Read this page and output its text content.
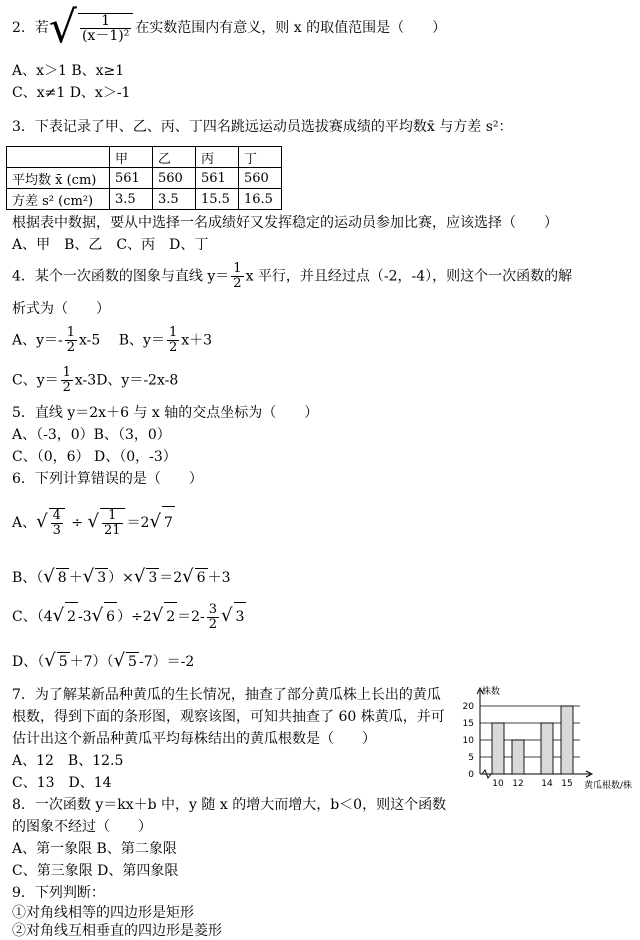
2．若√ $\frac{1}{\text{(x－1)²}}$ 在实数范围内有意义，则 x 的取值范围是（　　）
A、x＞1 B、x≥1
C、x≠1 D、x＞-1
3．下表记录了甲、乙、丙、丁四名跳远运动员选拔赛成绩的平均数x̄ 与方差 s²：
	甲	乙	丙	丁
平均数 x̄ (cm)	561	560	561	560
方差 s² (cm²)	3.5	3.5	15.5	16.5
根据表中数据，要从中选择一名成绩好又发挥稳定的运动员参加比赛，应该选择（　　）
A、甲　B、乙　C、丙　D、丁
4．某个一次函数的图象与直线 $y= \frac{1}{2}$ x 平行，并且经过点（-2，-4），则这个一次函数的解
析式为（　　）
A、$y=- \frac{1}{2} x-5$　 B、$y= \frac{1}{2} x+3$
C、$y= \frac{1}{2} x-3D$、y＝-2x-8
5．直线 y＝2x＋6 与 x 轴的交点坐标为（　　）
A、（-3，0）B、（3，0）
C、（0，6） D、（0，-3）
6．下列计算错误的是（　　）
A、√ $\frac{4}{3}$ ÷ √ $\frac{1}{21} =2√$ 7
B、（√ 8 ＋√ 3 ）×√ 3 ＝2√ 6 ＋3
C、（4√ 2 -3√ 6 ）÷2√ $2 =2- \frac{3}{2}$ √ 3
D、（√ 5 ＋7）（√ 5 -7）＝-2
7．为了解某新品种黄瓜的生长情况，抽查了部分黄瓜株上长出的黄瓜
根数，得到下面的条形图，观察该图，可知共抽查了 60 株黄瓜，并可
估计出这个新品种黄瓜平均每株结出的黄瓜根数是（　　）
A、12　B、12.5
C、13　D、14	0
5
10
15
20
10 12 14 15
株数
黄瓜根数/株
8．一次函数 y＝kx＋b 中，y 随 x 的增大而增大，b＜0，则这个函数
的图象不经过（　　）
A、第一象限 B、第二象限
C、第三象限 D、第四象限
9．下列判断：
①对角线相等的四边形是矩形
②对角线互相垂直的四边形是菱形
